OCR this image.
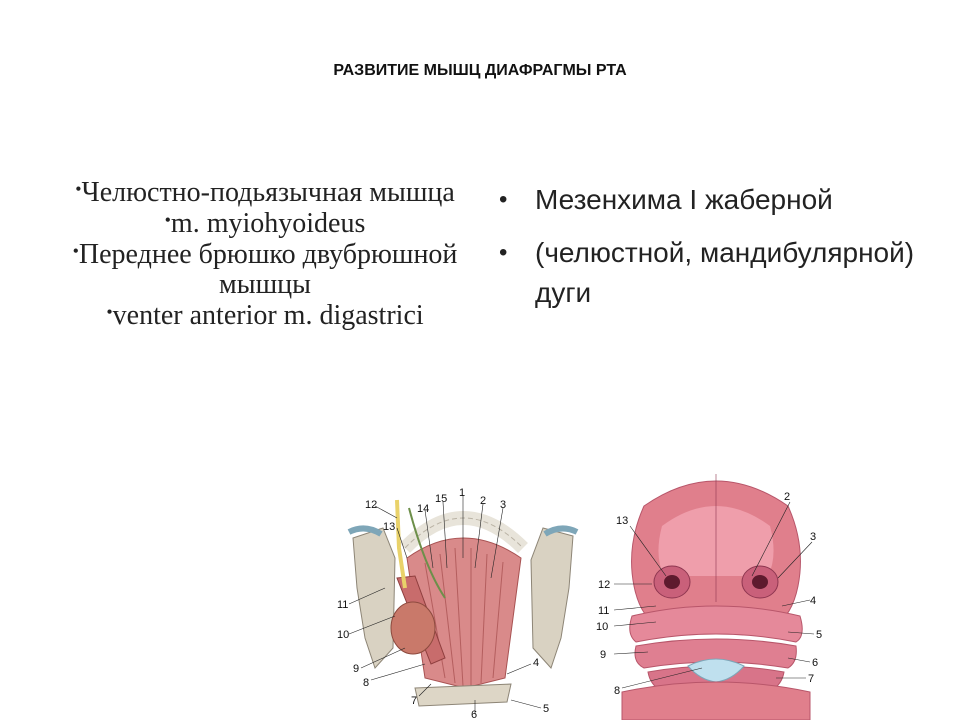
РАЗВИТИЕ МЫШЦ ДИАФРАГМЫ РТА

•Челюстно-подьязычная мышца

•m. myiohyoideus

•Переднее брюшко двубрюшной мышцы

•venter anterior m. digastrici

• Мезенхима I жаберной
• (челюстной, мандибулярной) дуги
12
13
14
15 1
2 3
11
10
9
8
7
6	5
4
13
2
3
12
4
11
10
5
9
6
7
8
